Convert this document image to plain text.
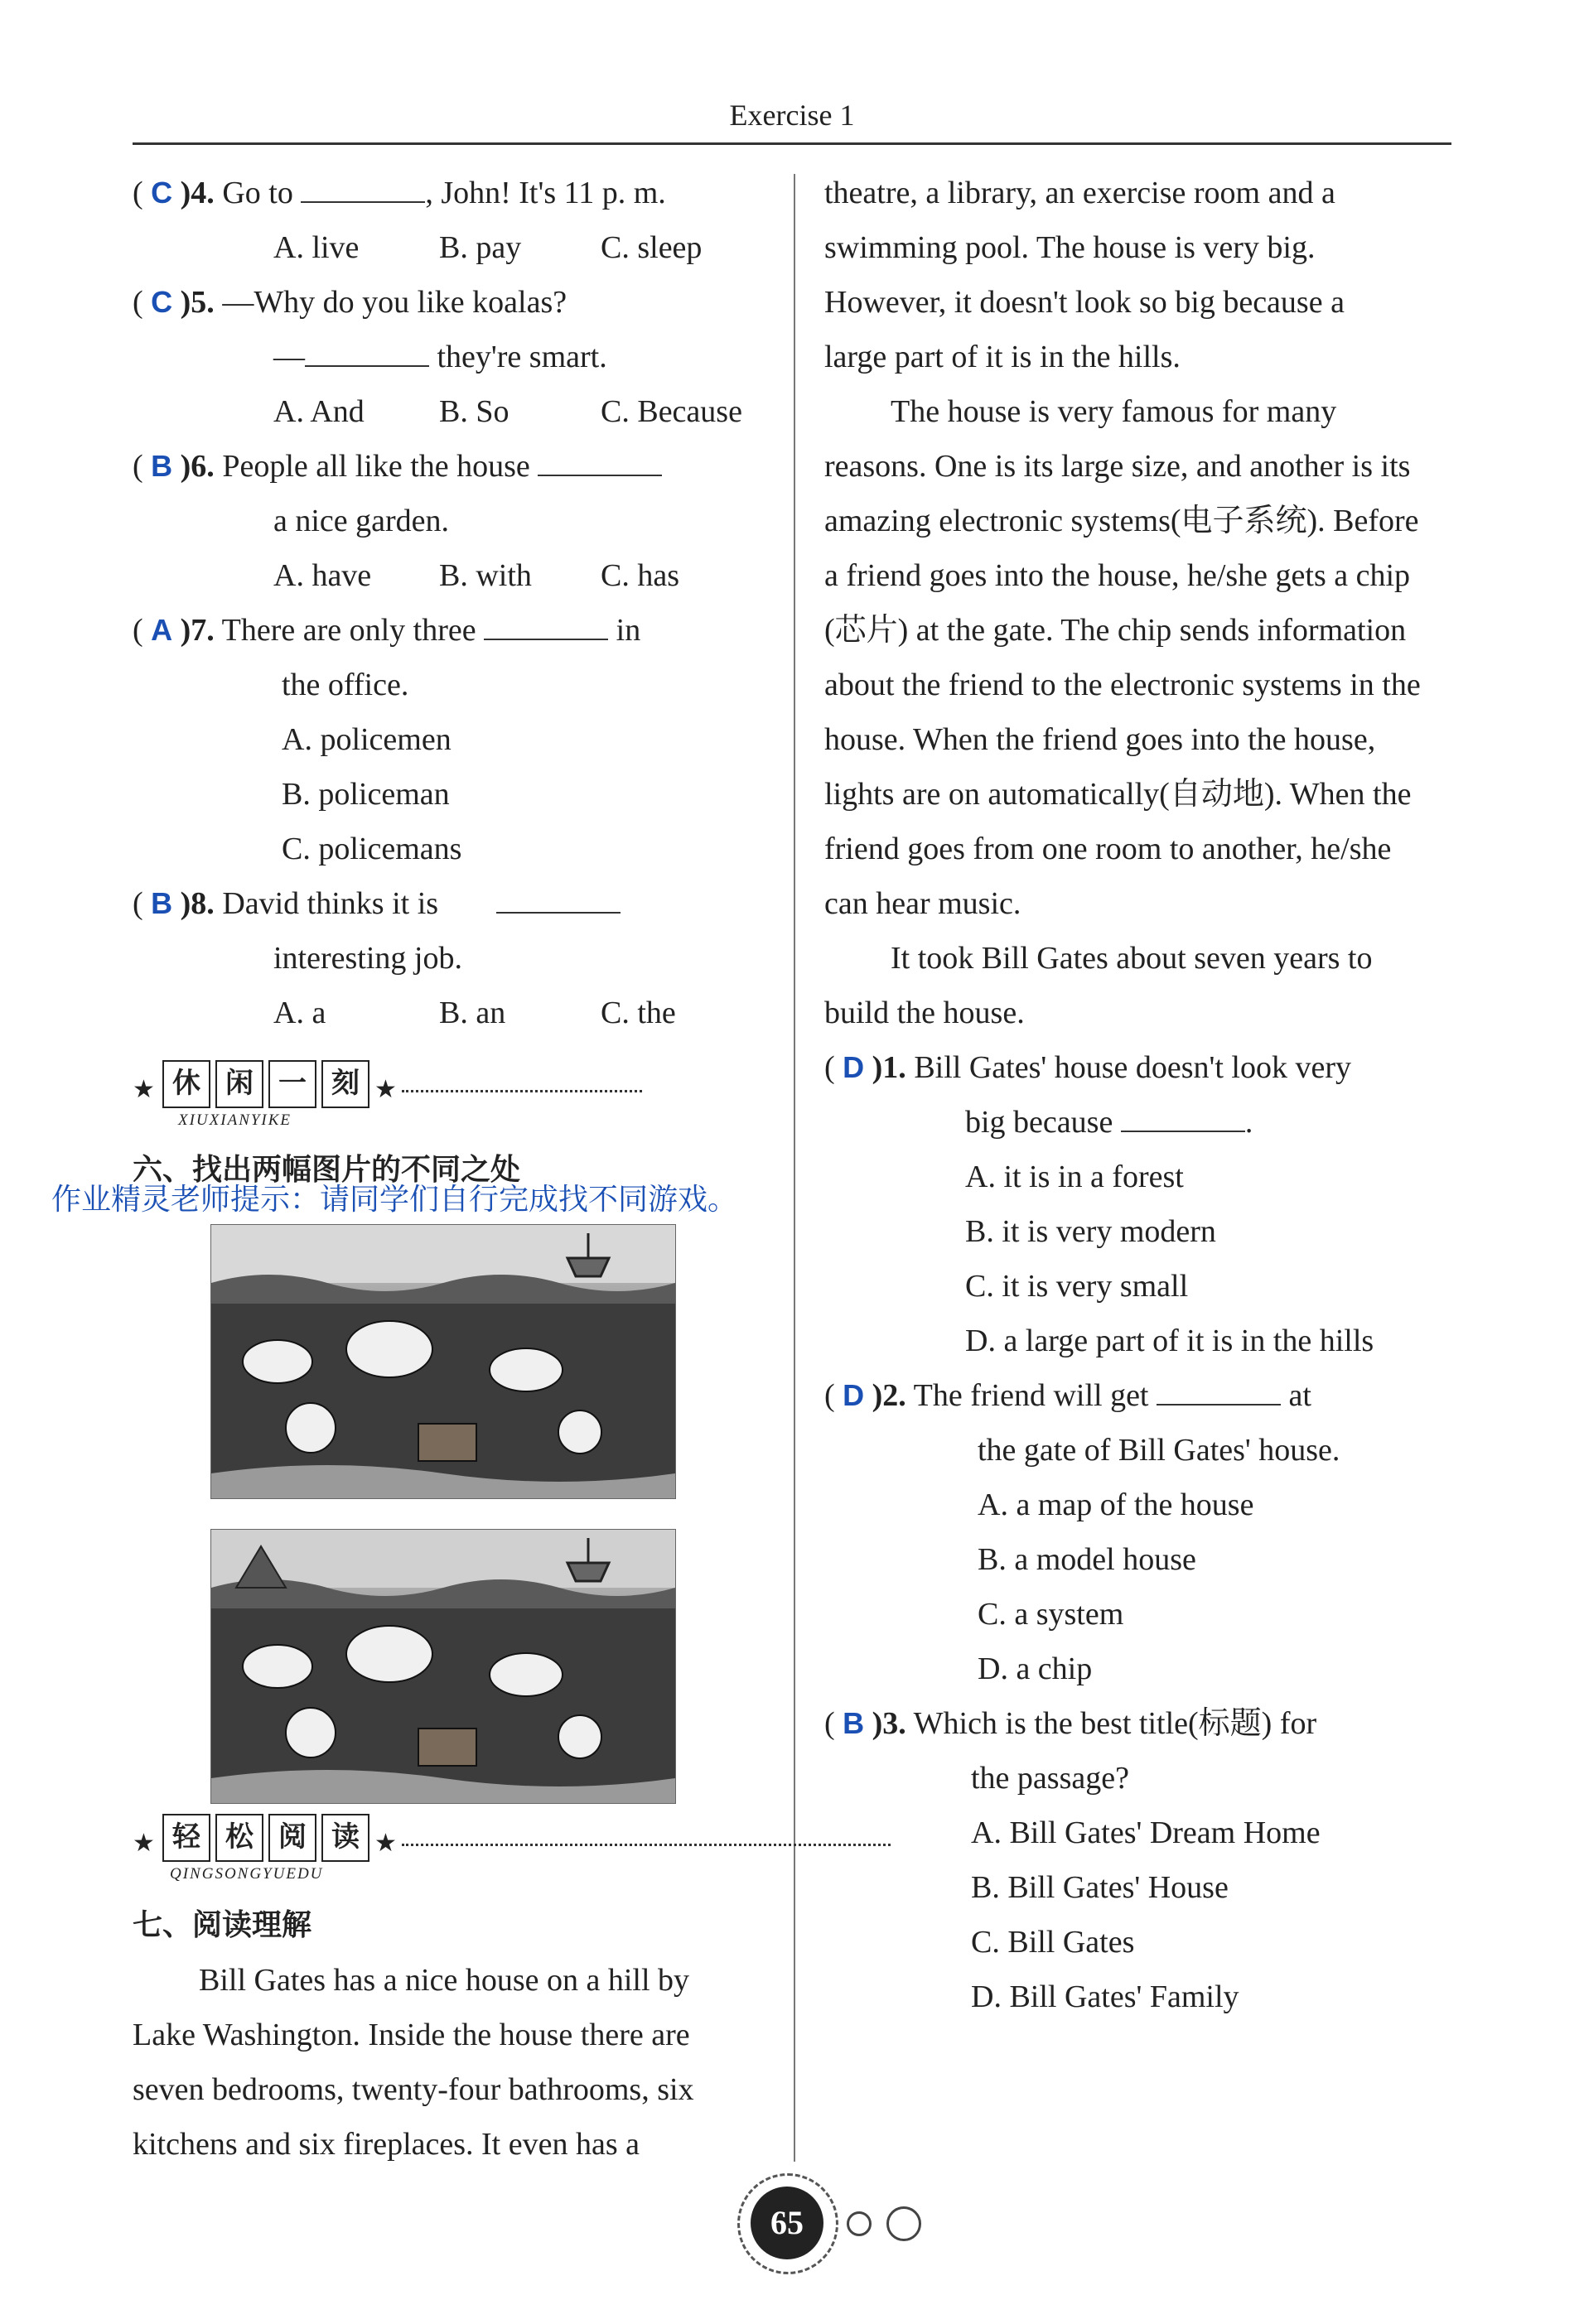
Exercise 1
( C )4. Go to	, John! It's 11 p. m.
A. live	B. pay	C. sleep
( C )5. —Why do you like koalas?
—	they're smart.
A. And B. So	C. Because
( B )6. People all like the house
a nice garden.
A. have B. with C. has
( A )7. There are only three	in
the office.
A. policemen
B. policeman
C. policemans
( B )8. David thinks it is
interesting job.
A. a	B. an	C. the
★ 休 闲 一 刻 ★
XIUXIANYIKE
六、找出两幅图片的不同之处
作业精灵老师提示：请同学们自行完成找不同游戏。
★ 轻 松 阅 读 ★
QINGSONGYUEDU
七、阅读理解
Bill Gates has a nice house on a hill by
Lake Washington. Inside the house there are
seven bedrooms, twenty-four bathrooms, six
kitchens and six fireplaces. It even has a
theatre, a library, an exercise room and a
swimming pool. The house is very big.
However, it doesn't look so big because a
large part of it is in the hills.
The house is very famous for many
reasons. One is its large size, and another is its
amazing electronic systems(电子系统). Before
a friend goes into the house, he/she gets a chip
(芯片) at the gate. The chip sends information
about the friend to the electronic systems in the
house. When the friend goes into the house,
lights are on automatically(自动地). When the
friend goes from one room to another, he/she
can hear music.
It took Bill Gates about seven years to
build the house.
( D )1. Bill Gates' house doesn't look very
big because	.
A. it is in a forest
B. it is very modern
C. it is very small
D. a large part of it is in the hills
( D )2. The friend will get	at
the gate of Bill Gates' house.
A. a map of the house
B. a model house
C. a system
D. a chip
( B )3. Which is the best title(标题) for
the passage?
A. Bill Gates' Dream Home
B. Bill Gates' House
C. Bill Gates
D. Bill Gates' Family
65
